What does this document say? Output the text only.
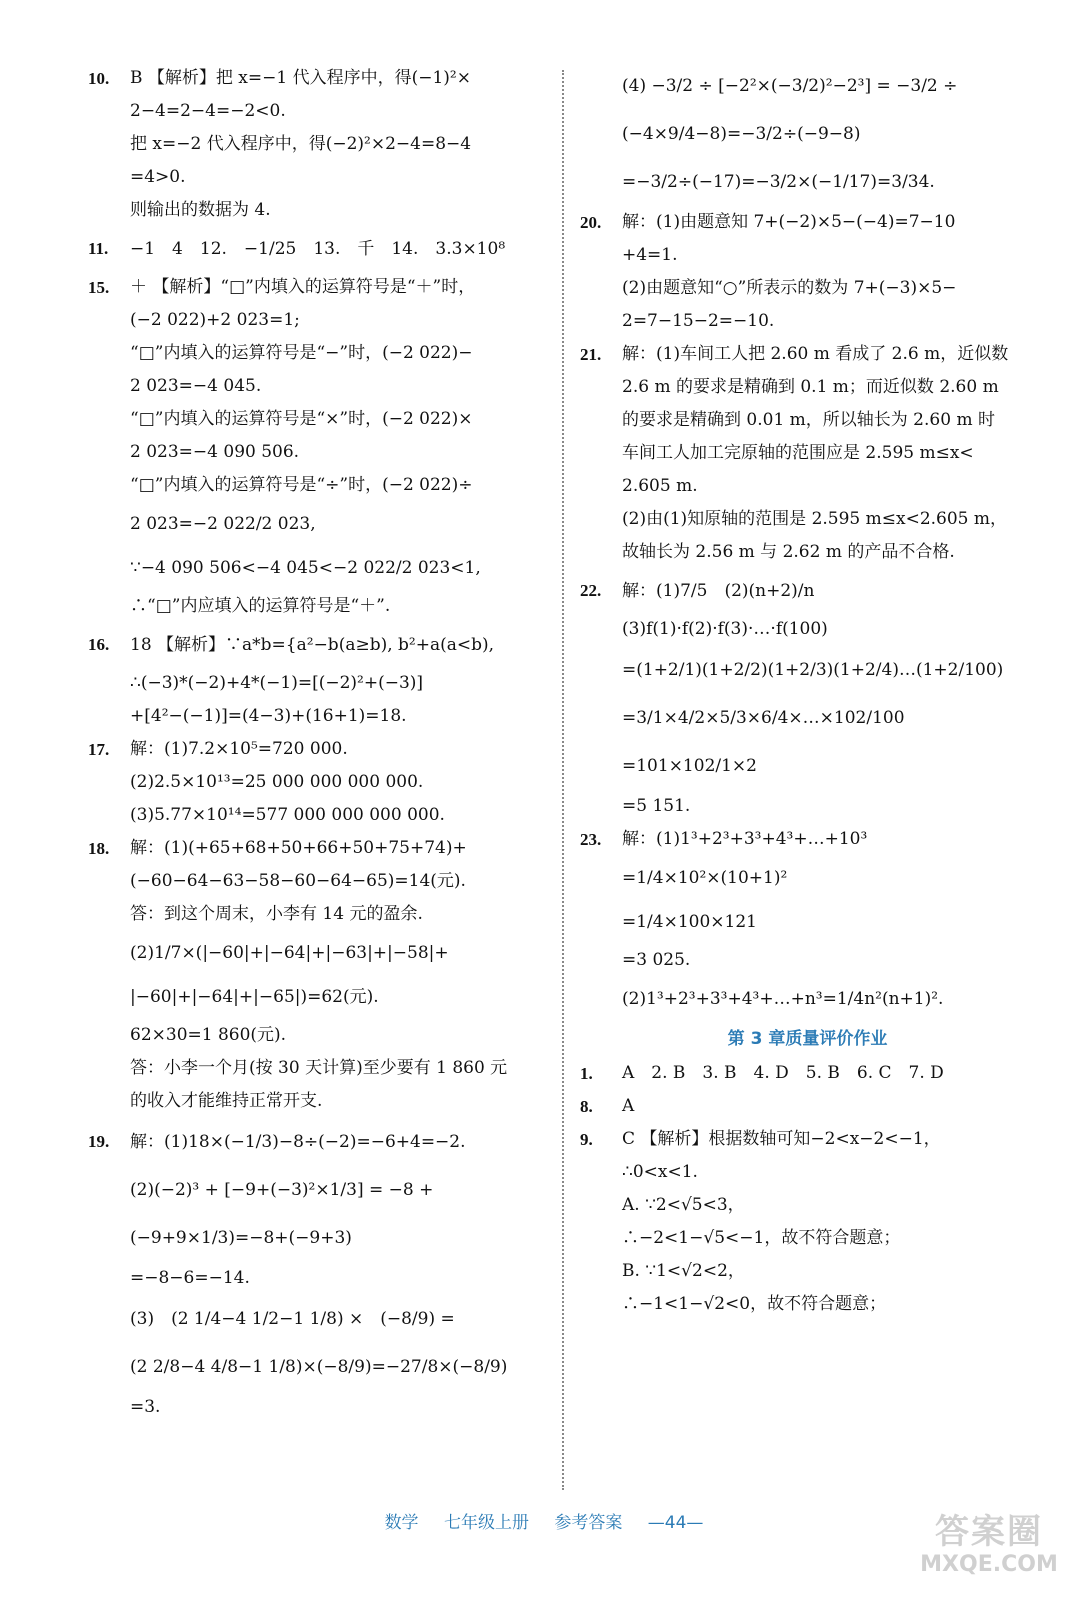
10. B 【解析】把 x=−1 代入程序中，得(−1)²×
2−4=2−4=−2<0.
把 x=−2 代入程序中，得(−2)²×2−4=8−4
=4>0.
则输出的数据为 4.
11. −1　4　12.　−1/25　13.　千　14.　3.3×10⁸
15. ＋ 【解析】“□”内填入的运算符号是“＋”时，
(−2 022)+2 023=1;
“□”内填入的运算符号是“−”时，(−2 022)−
2 023=−4 045.
“□”内填入的运算符号是“×”时，(−2 022)×
2 023=−4 090 506.
“□”内填入的运算符号是“÷”时，(−2 022)÷
2 023=−2 022/2 023,
∵−4 090 506<−4 045<−2 022/2 023<1,
∴“□”内应填入的运算符号是“＋”.
16. 18 【解析】∵a*b={a²−b(a≥b), b²+a(a<b),
∴(−3)*(−2)+4*(−1)=[(−2)²+(−3)]
+[4²−(−1)]=(4−3)+(16+1)=18.
17. 解：(1)7.2×10⁵=720 000.
(2)2.5×10¹³=25 000 000 000 000.
(3)5.77×10¹⁴=577 000 000 000 000.
18. 解：(1)(+65+68+50+66+50+75+74)+
(−60−64−63−58−60−64−65)=14(元).
答：到这个周末，小李有 14 元的盈余.
(2)1/7×(|−60|+|−64|+|−63|+|−58|+
|−60|+|−64|+|−65|)=62(元).
62×30=1 860(元).
答：小李一个月(按 30 天计算)至少要有 1 860 元
的收入才能维持正常开支.
19. 解：(1)18×(−1/3)−8÷(−2)=−6+4=−2.
(2)(−2)³ + [−9+(−3)²×1/3] = −8 +
(−9+9×1/3)=−8+(−9+3)
=−8−6=−14.
(3)　(2 1/4−4 1/2−1 1/8) ×　(−8/9) =
(2 2/8−4 4/8−1 1/8)×(−8/9)=−27/8×(−8/9)
=3.
(4) −3/2 ÷ [−2²×(−3/2)²−2³] = −3/2 ÷
(−4×9/4−8)=−3/2÷(−9−8)
=−3/2÷(−17)=−3/2×(−1/17)=3/34.
20. 解：(1)由题意知 7+(−2)×5−(−4)=7−10
+4=1.
(2)由题意知“○”所表示的数为 7+(−3)×5−
2=7−15−2=−10.
21. 解：(1)车间工人把 2.60 m 看成了 2.6 m，近似数
2.6 m 的要求是精确到 0.1 m；而近似数 2.60 m
的要求是精确到 0.01 m，所以轴长为 2.60 m 时
车间工人加工完原轴的范围应是 2.595 m≤x<
2.605 m.
(2)由(1)知原轴的范围是 2.595 m≤x<2.605 m，
故轴长为 2.56 m 与 2.62 m 的产品不合格.
22. 解：(1)7/5　(2)(n+2)/n
(3)f(1)·f(2)·f(3)·…·f(100)
=(1+2/1)(1+2/2)(1+2/3)(1+2/4)…(1+2/100)
=3/1×4/2×5/3×6/4×…×102/100
=101×102/1×2
=5 151.
23. 解：(1)1³+2³+3³+4³+…+10³
=1/4×10²×(10+1)²
=1/4×100×121
=3 025.
(2)1³+2³+3³+4³+…+n³=1/4n²(n+1)².
第 3 章质量评价作业
1. A　2. B　3. B　4. D　5. B　6. C　7. D
8. A
9. C 【解析】根据数轴可知−2<x−2<−1，
∴0<x<1.
A. ∵2<√5<3，
∴−2<1−√5<−1，故不符合题意；
B. ∵1<√2<2，
∴−1<1−√2<0，故不符合题意；
数学 七年级上册 参考答案 —44—	答案圈
MXQE.COM
